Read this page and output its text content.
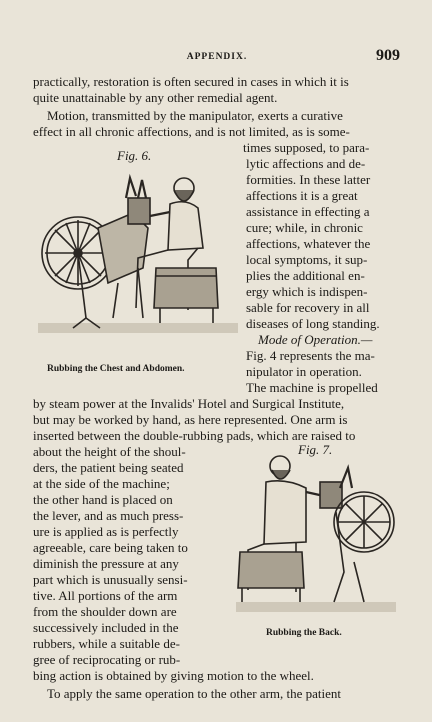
APPENDIX.	909
practically, restoration is often secured in cases in which it is
quite unattainable by any other remedial agent.
Motion, transmitted by the manipulator, exerts a curative
effect in all chronic affections, and is not limited, as is some-
times supposed, to para-
lytic affections and de-
formities. In these latter
affections it is a great
assistance in effecting a
cure; while, in chronic
affections, whatever the
local symptoms, it sup-
plies the additional en-
ergy which is indispen-
sable for recovery in all
diseases of long standing.
Mode of Operation.—
Fig. 4 represents the ma-
nipulator in operation.
The machine is propelled
by steam power at the Invalids' Hotel and Surgical Institute,
but may be worked by hand, as here represented. One arm is
inserted between the double-rubbing pads, which are raised to
about the height of the shoul-
ders, the patient being seated
at the side of the machine;
the other hand is placed on
the lever, and as much press-
ure is applied as is perfectly
agreeable, care being taken to
diminish the pressure at any
part which is unusually sensi-
tive. All portions of the arm
from the shoulder down are
successively included in the
rubbers, while a suitable de-
gree of reciprocating or rub-
bing action is obtained by giving motion to the wheel.
To apply the same operation to the other arm, the patient
Fig. 6.
Rubbing the Chest and Abdomen.
Fig. 7.
Rubbing the Back.
